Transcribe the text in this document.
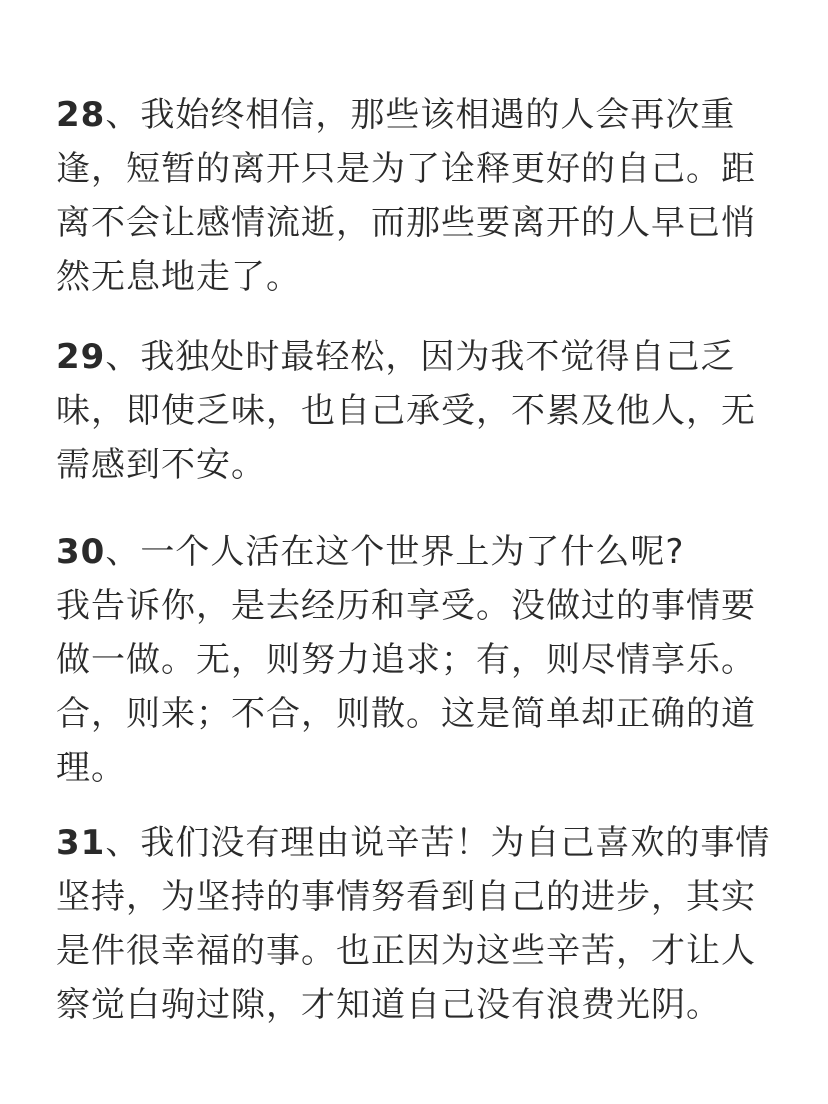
28、我始终相信，那些该相遇的人会再次重
逢，短暂的离开只是为了诠释更好的自己。距
离不会让感情流逝，而那些要离开的人早已悄
然无息地走了。
29、我独处时最轻松，因为我不觉得自己乏
味，即使乏味，也自己承受，不累及他人，无
需感到不安。
30、一个人活在这个世界上为了什么呢?
我告诉你，是去经历和享受。没做过的事情要
做一做。无，则努力追求；有，则尽情享乐。
合，则来；不合，则散。这是简单却正确的道
理。
31、我们没有理由说辛苦！为自己喜欢的事情
坚持，为坚持的事情努看到自己的进步，其实
是件很幸福的事。也正因为这些辛苦，才让人
察觉白驹过隙，才知道自己没有浪费光阴。
